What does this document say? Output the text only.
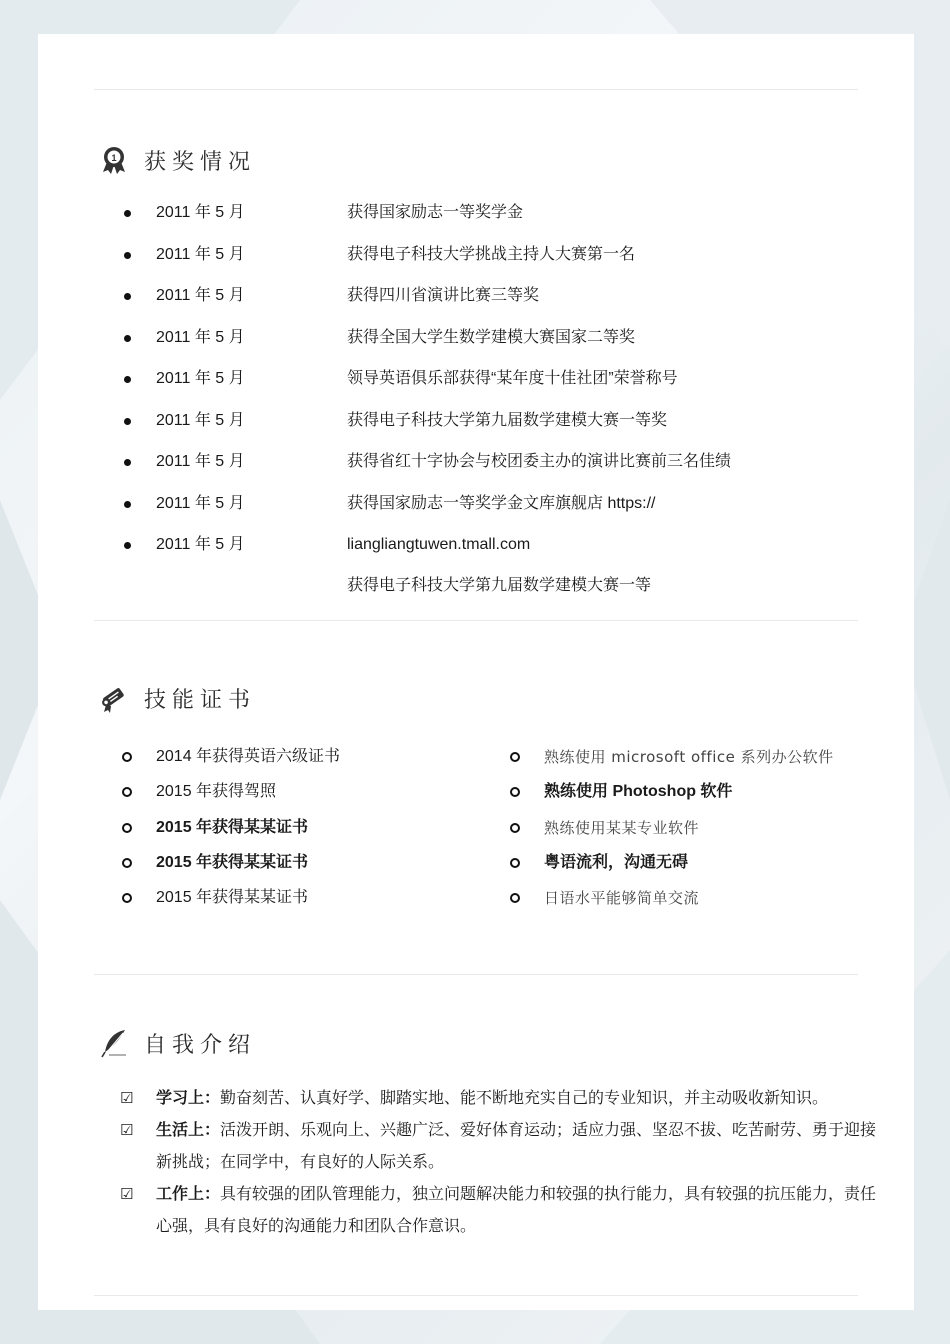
1 获奖情况
2011 年 5 月	获得国家励志一等奖学金
2011 年 5 月	获得电子科技大学挑战主持人大赛第一名
2011 年 5 月	获得四川省演讲比赛三等奖
2011 年 5 月	获得全国大学生数学建模大赛国家二等奖
2011 年 5 月	领导英语俱乐部获得“某年度十佳社团”荣誉称号
2011 年 5 月	获得电子科技大学第九届数学建模大赛一等奖
2011 年 5 月	获得省红十字协会与校团委主办的演讲比赛前三名佳绩
2011 年 5 月	获得国家励志一等奖学金文库旗舰店 https://
2011 年 5 月	liangliangtuwen.tmall.com
获得电子科技大学第九届数学建模大赛一等
技能证书
2014 年获得英语六级证书
2015 年获得驾照
2015 年获得某某证书
2015 年获得某某证书
2015 年获得某某证书
熟练使用 microsoft office 系列办公软件
熟练使用 Photoshop 软件
熟练使用某某专业软件
粤语流利，沟通无碍
日语水平能够简单交流
自我介绍
☑	学习上：勤奋刻苦、认真好学、脚踏实地、能不断地充实自己的专业知识，并主动吸收新知识。
☑	生活上：活泼开朗、乐观向上、兴趣广泛、爱好体育运动；适应力强、坚忍不拔、吃苦耐劳、勇于迎接新挑战；在同学中，有良好的人际关系。
☑	工作上：具有较强的团队管理能力，独立问题解决能力和较强的执行能力，具有较强的抗压能力，责任心强，具有良好的沟通能力和团队合作意识。
